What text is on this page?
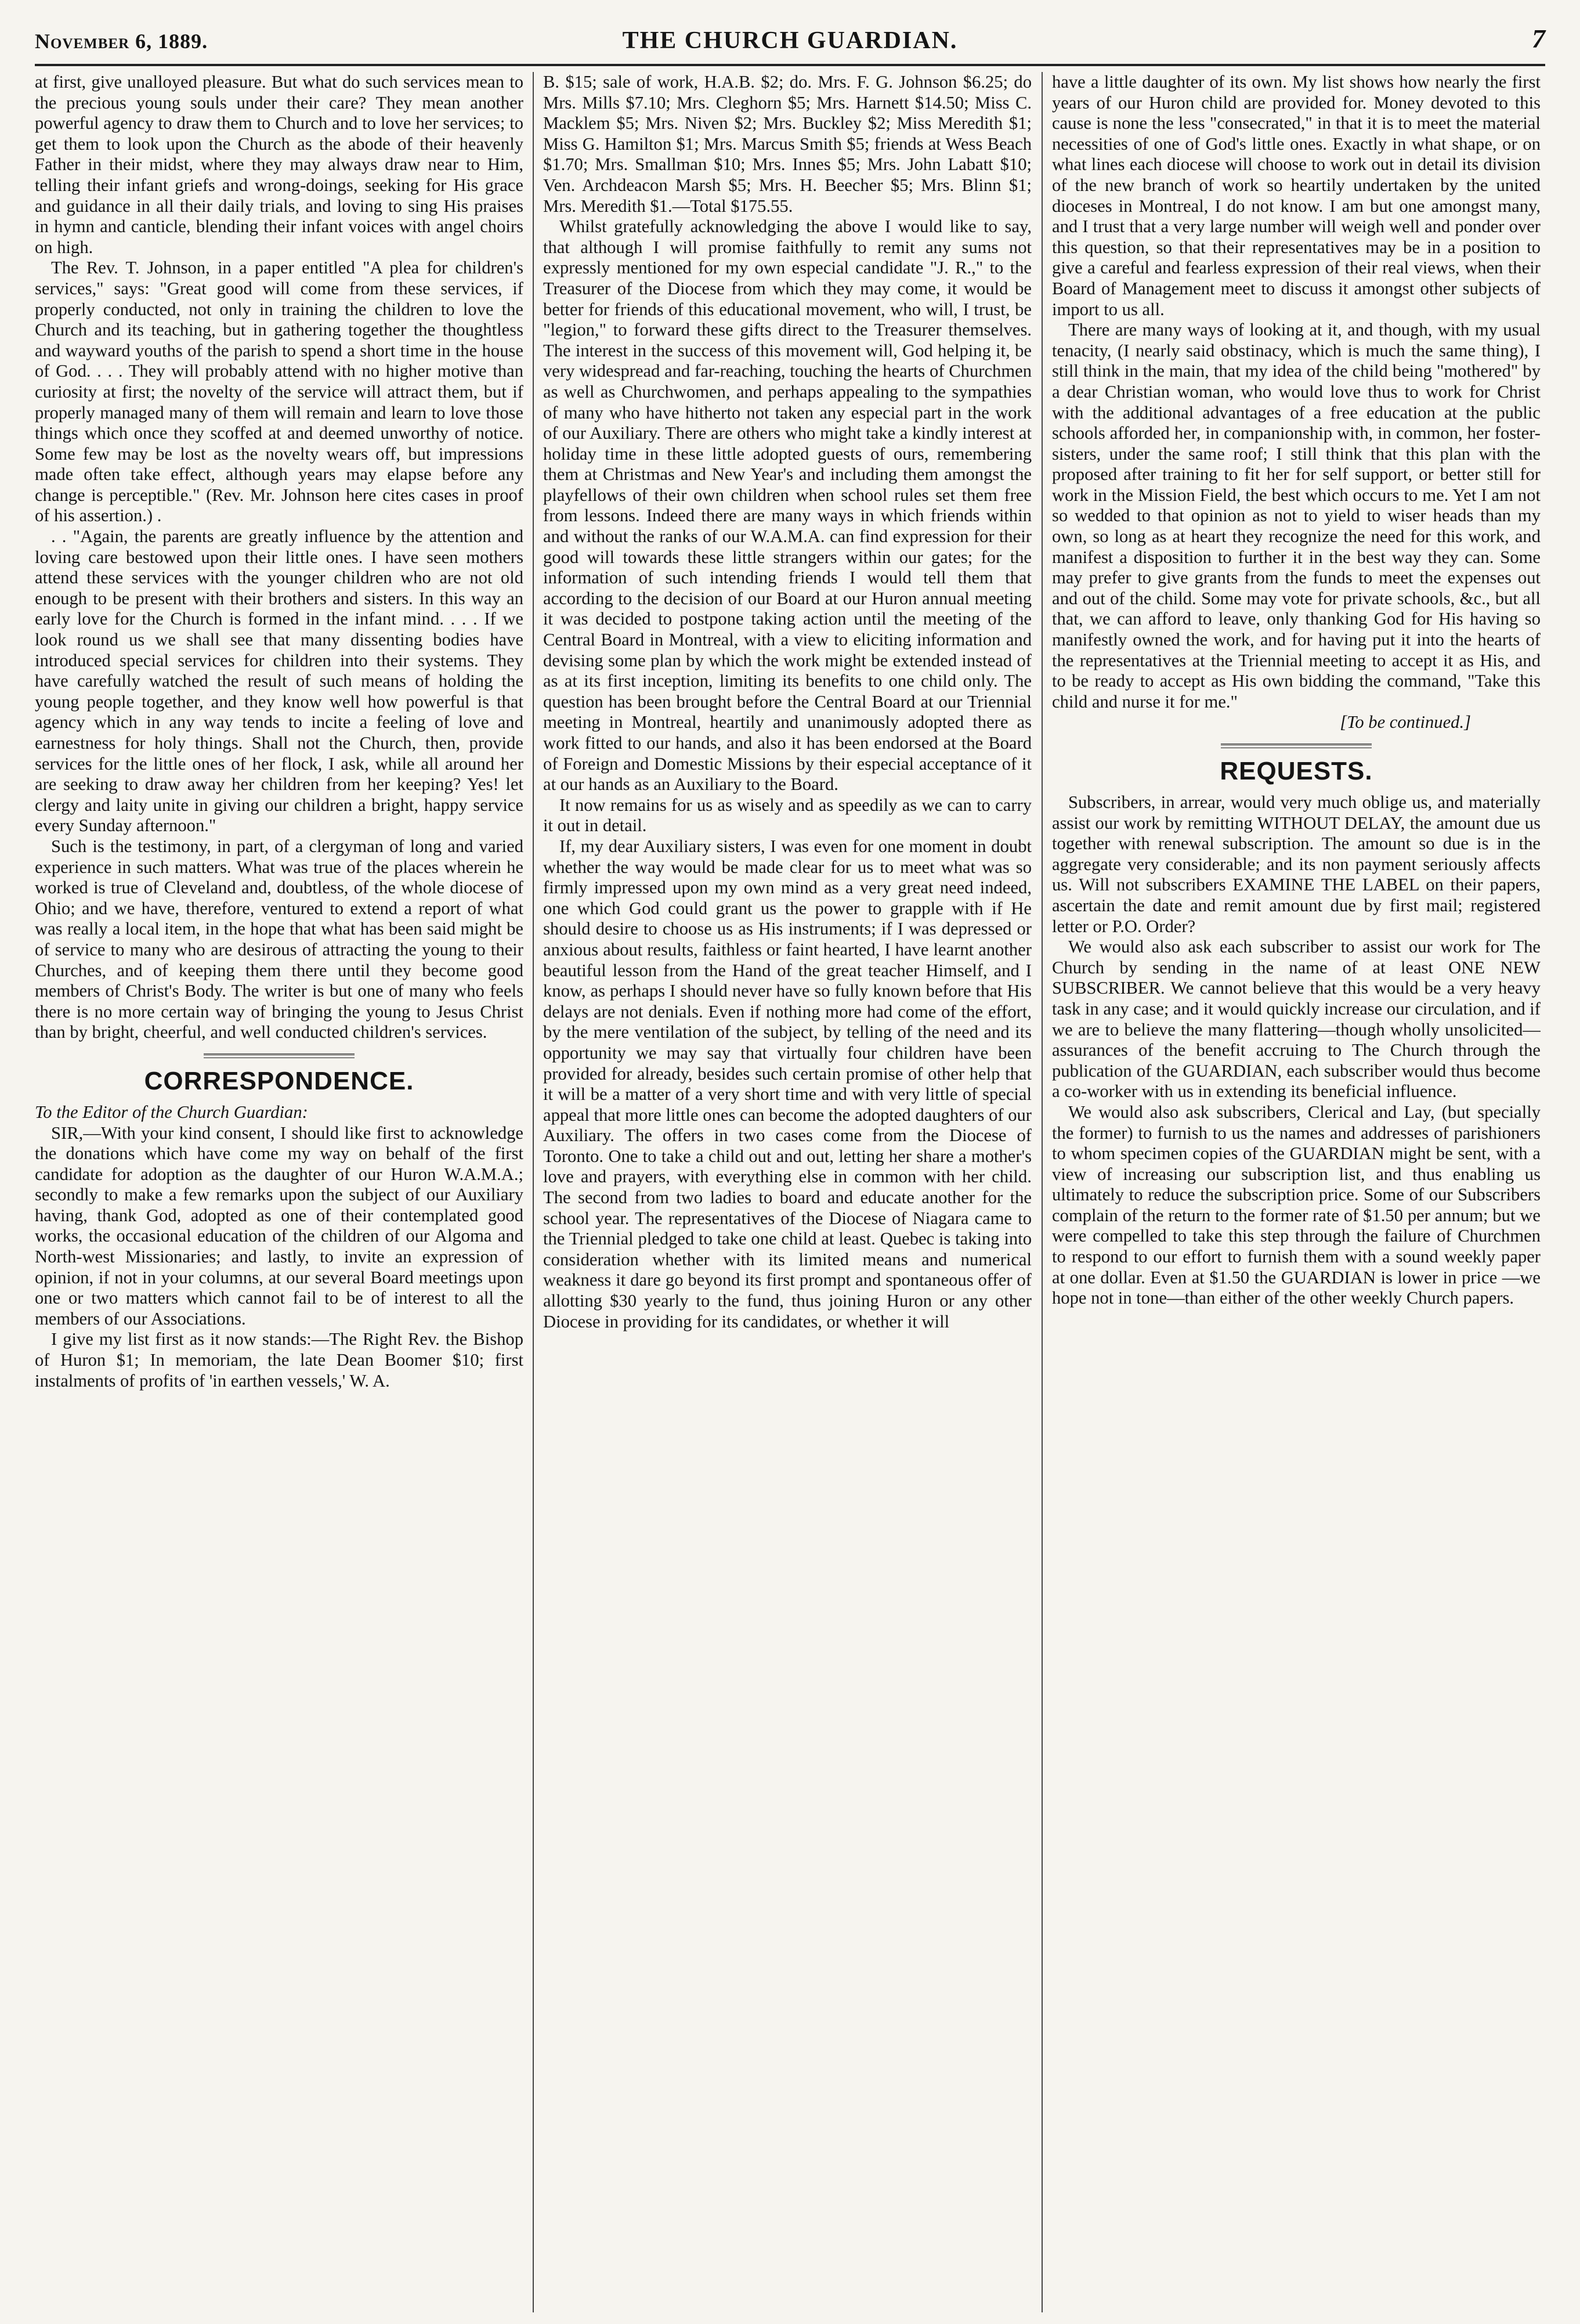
November 6, 1889.	THE CHURCH GUARDIAN.	7

at first, give unalloyed pleasure. But what do such services mean to the precious young souls under their care? They mean another powerful agency to draw them to Church and to love her services; to get them to look upon the Church as the abode of their heavenly Father in their midst, where they may always draw near to Him, telling their infant griefs and wrong-doings, seeking for His grace and guidance in all their daily trials, and loving to sing His praises in hymn and canticle, blending their infant voices with angel choirs on high.

The Rev. T. Johnson, in a paper entitled "A plea for children's services," says: "Great good will come from these services, if properly conducted, not only in training the children to love the Church and its teaching, but in gathering together the thoughtless and wayward youths of the parish to spend a short time in the house of God. . . . They will probably attend with no higher motive than curiosity at first; the novelty of the service will attract them, but if properly managed many of them will remain and learn to love those things which once they scoffed at and deemed unworthy of notice. Some few may be lost as the novelty wears off, but impressions made often take effect, although years may elapse before any change is perceptible." (Rev. Mr. Johnson here cites cases in proof of his assertion.) .

. . "Again, the parents are greatly influence by the attention and loving care bestowed upon their little ones. I have seen mothers attend these services with the younger children who are not old enough to be present with their brothers and sisters. In this way an early love for the Church is formed in the infant mind. . . . If we look round us we shall see that many dissenting bodies have introduced special services for children into their systems. They have carefully watched the result of such means of holding the young people together, and they know well how powerful is that agency which in any way tends to incite a feeling of love and earnestness for holy things. Shall not the Church, then, provide services for the little ones of her flock, I ask, while all around her are seeking to draw away her children from her keeping? Yes! let clergy and laity unite in giving our children a bright, happy service every Sunday afternoon."

Such is the testimony, in part, of a clergyman of long and varied experience in such matters. What was true of the places wherein he worked is true of Cleveland and, doubtless, of the whole diocese of Ohio; and we have, therefore, ventured to extend a report of what was really a local item, in the hope that what has been said might be of service to many who are desirous of attracting the young to their Churches, and of keeping them there until they become good members of Christ's Body. The writer is but one of many who feels there is no more certain way of bringing the young to Jesus Christ than by bright, cheerful, and well conducted children's services.

CORRESPONDENCE.

To the Editor of the Church Guardian:

SIR,—With your kind consent, I should like first to acknowledge the donations which have come my way on behalf of the first candidate for adoption as the daughter of our Huron W.A.M.A.; secondly to make a few remarks upon the subject of our Auxiliary having, thank God, adopted as one of their contemplated good works, the occasional education of the children of our Algoma and North-west Missionaries; and lastly, to invite an expression of opinion, if not in your columns, at our several Board meetings upon one or two matters which cannot fail to be of interest to all the members of our Associations.

I give my list first as it now stands:—The Right Rev. the Bishop of Huron $1; In memoriam, the late Dean Boomer $10; first instalments of profits of 'in earthen vessels,' W. A.

B. $15; sale of work, H.A.B. $2; do. Mrs. F. G. Johnson $6.25; do Mrs. Mills $7.10; Mrs. Cleghorn $5; Mrs. Harnett $14.50; Miss C. Macklem $5; Mrs. Niven $2; Mrs. Buckley $2; Miss Meredith $1; Miss G. Hamilton $1; Mrs. Marcus Smith $5; friends at Wess Beach $1.70; Mrs. Smallman $10; Mrs. Innes $5; Mrs. John Labatt $10; Ven. Archdeacon Marsh $5; Mrs. H. Beecher $5; Mrs. Blinn $1; Mrs. Meredith $1.—Total $175.55.

Whilst gratefully acknowledging the above I would like to say, that although I will promise faithfully to remit any sums not expressly mentioned for my own especial candidate "J. R.," to the Treasurer of the Diocese from which they may come, it would be better for friends of this educational movement, who will, I trust, be "legion," to forward these gifts direct to the Treasurer themselves. The interest in the success of this movement will, God helping it, be very widespread and far-reaching, touching the hearts of Churchmen as well as Churchwomen, and perhaps appealing to the sympathies of many who have hitherto not taken any especial part in the work of our Auxiliary. There are others who might take a kindly interest at holiday time in these little adopted guests of ours, remembering them at Christmas and New Year's and including them amongst the playfellows of their own children when school rules set them free from lessons. Indeed there are many ways in which friends within and without the ranks of our W.A.M.A. can find expression for their good will towards these little strangers within our gates; for the information of such intending friends I would tell them that according to the decision of our Board at our Huron annual meeting it was decided to postpone taking action until the meeting of the Central Board in Montreal, with a view to eliciting information and devising some plan by which the work might be extended instead of as at its first inception, limiting its benefits to one child only. The question has been brought before the Central Board at our Triennial meeting in Montreal, heartily and unanimously adopted there as work fitted to our hands, and also it has been endorsed at the Board of Foreign and Domestic Missions by their especial acceptance of it at our hands as an Auxiliary to the Board.

It now remains for us as wisely and as speedily as we can to carry it out in detail.

If, my dear Auxiliary sisters, I was even for one moment in doubt whether the way would be made clear for us to meet what was so firmly impressed upon my own mind as a very great need indeed, one which God could grant us the power to grapple with if He should desire to choose us as His instruments; if I was depressed or anxious about results, faithless or faint hearted, I have learnt another beautiful lesson from the Hand of the great teacher Himself, and I know, as perhaps I should never have so fully known before that His delays are not denials. Even if nothing more had come of the effort, by the mere ventilation of the subject, by telling of the need and its opportunity we may say that virtually four children have been provided for already, besides such certain promise of other help that it will be a matter of a very short time and with very little of special appeal that more little ones can become the adopted daughters of our Auxiliary. The offers in two cases come from the Diocese of Toronto. One to take a child out and out, letting her share a mother's love and prayers, with everything else in common with her child. The second from two ladies to board and educate another for the school year. The representatives of the Diocese of Niagara came to the Triennial pledged to take one child at least. Quebec is taking into consideration whether with its limited means and numerical weakness it dare go beyond its first prompt and spontaneous offer of allotting $30 yearly to the fund, thus joining Huron or any other Diocese in providing for its candidates, or whether it will

have a little daughter of its own. My list shows how nearly the first years of our Huron child are provided for. Money devoted to this cause is none the less "consecrated," in that it is to meet the material necessities of one of God's little ones. Exactly in what shape, or on what lines each diocese will choose to work out in detail its division of the new branch of work so heartily undertaken by the united dioceses in Montreal, I do not know. I am but one amongst many, and I trust that a very large number will weigh well and ponder over this question, so that their representatives may be in a position to give a careful and fearless expression of their real views, when their Board of Management meet to discuss it amongst other subjects of import to us all.

There are many ways of looking at it, and though, with my usual tenacity, (I nearly said obstinacy, which is much the same thing), I still think in the main, that my idea of the child being "mothered" by a dear Christian woman, who would love thus to work for Christ with the additional advantages of a free education at the public schools afforded her, in companionship with, in common, her foster-sisters, under the same roof; I still think that this plan with the proposed after training to fit her for self support, or better still for work in the Mission Field, the best which occurs to me. Yet I am not so wedded to that opinion as not to yield to wiser heads than my own, so long as at heart they recognize the need for this work, and manifest a disposition to further it in the best way they can. Some may prefer to give grants from the funds to meet the expenses out and out of the child. Some may vote for private schools, &c., but all that, we can afford to leave, only thanking God for His having so manifestly owned the work, and for having put it into the hearts of the representatives at the Triennial meeting to accept it as His, and to be ready to accept as His own bidding the command, "Take this child and nurse it for me."

[To be continued.]

REQUESTS.

Subscribers, in arrear, would very much oblige us, and materially assist our work by remitting WITHOUT DELAY, the amount due us together with renewal subscription. The amount so due is in the aggregate very considerable; and its non payment seriously affects us. Will not subscribers EXAMINE THE LABEL on their papers, ascertain the date and remit amount due by first mail; registered letter or P.O. Order?

We would also ask each subscriber to assist our work for The Church by sending in the name of at least ONE NEW SUBSCRIBER. We cannot believe that this would be a very heavy task in any case; and it would quickly increase our circulation, and if we are to believe the many flattering—though wholly unsolicited—assurances of the benefit accruing to The Church through the publication of the GUARDIAN, each subscriber would thus become a co-worker with us in extending its beneficial influence.

We would also ask subscribers, Clerical and Lay, (but specially the former) to furnish to us the names and addresses of parishioners to whom specimen copies of the GUARDIAN might be sent, with a view of increasing our subscription list, and thus enabling us ultimately to reduce the subscription price. Some of our Subscribers complain of the return to the former rate of $1.50 per annum; but we were compelled to take this step through the failure of Churchmen to respond to our effort to furnish them with a sound weekly paper at one dollar. Even at $1.50 the GUARDIAN is lower in price —we hope not in tone—than either of the other weekly Church papers.
